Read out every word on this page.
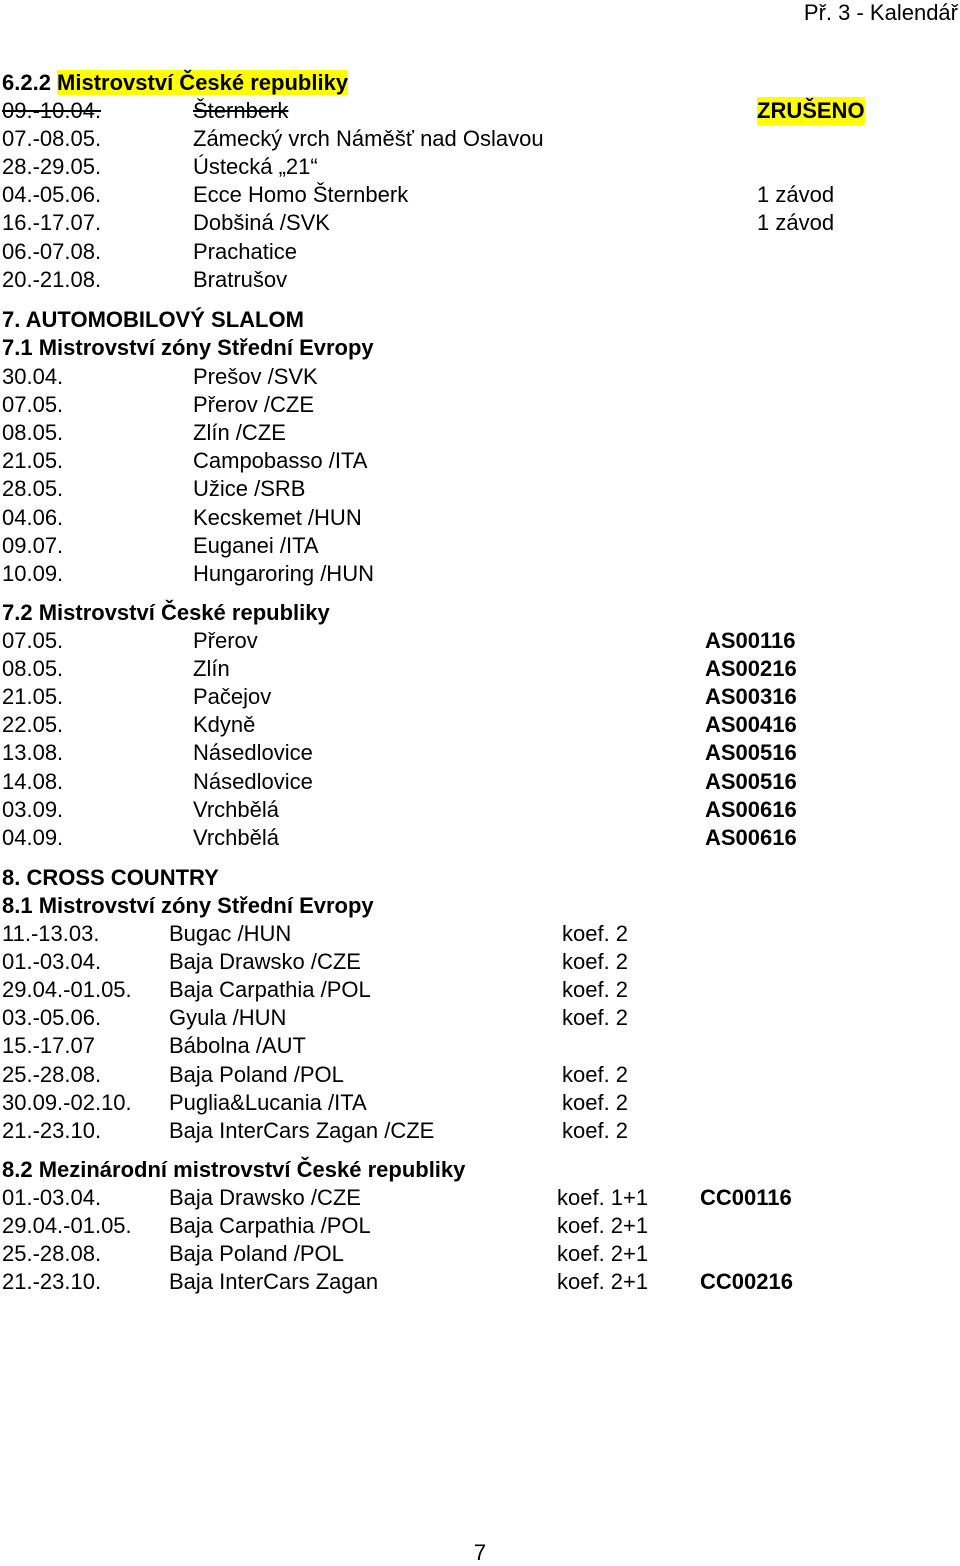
Př. 3 - Kalendář
6.2.2 Mistrovství České republiky
09.-10.04.	Šternberk	ZRUŠENO
07.-08.05.	Zámecký vrch Náměšť nad Oslavou
28.-29.05.	Ústecká „21“
04.-05.06.	Ecce Homo Šternberk	1 závod
16.-17.07.	Dobšiná /SVK	1 závod
06.-07.08.	Prachatice
20.-21.08.	Bratrušov
7. AUTOMOBILOVÝ SLALOM
7.1 Mistrovství zóny Střední Evropy
30.04.	Prešov /SVK
07.05.	Přerov /CZE
08.05.	Zlín /CZE
21.05.	Campobasso /ITA
28.05.	Užice /SRB
04.06.	Kecskemet /HUN
09.07.	Euganei /ITA
10.09.	Hungaroring /HUN
7.2 Mistrovství České republiky
07.05.	Přerov	AS00116
08.05.	Zlín	AS00216
21.05.	Pačejov	AS00316
22.05.	Kdyně	AS00416
13.08.	Násedlovice	AS00516
14.08.	Násedlovice	AS00516
03.09.	Vrchbělá	AS00616
04.09.	Vrchbělá	AS00616
8. CROSS COUNTRY
8.1 Mistrovství zóny Střední Evropy
11.-13.03.	Bugac /HUN	koef. 2
01.-03.04.	Baja Drawsko /CZE	koef. 2
29.04.-01.05. Baja Carpathia /POL	koef. 2
03.-05.06.	Gyula /HUN	koef. 2
15.-17.07	Bábolna /AUT
25.-28.08.	Baja Poland /POL	koef. 2
30.09.-02.10. Puglia&Lucania /ITA	koef. 2
21.-23.10.	Baja InterCars Zagan /CZE	koef. 2
8.2 Mezinárodní mistrovství České republiky
01.-03.04.	Baja Drawsko /CZE	koef. 1+1 CC00116
29.04.-01.05. Baja Carpathia /POL	koef. 2+1
25.-28.08.	Baja Poland /POL	koef. 2+1
21.-23.10.	Baja InterCars Zagan	koef. 2+1 CC00216
7
